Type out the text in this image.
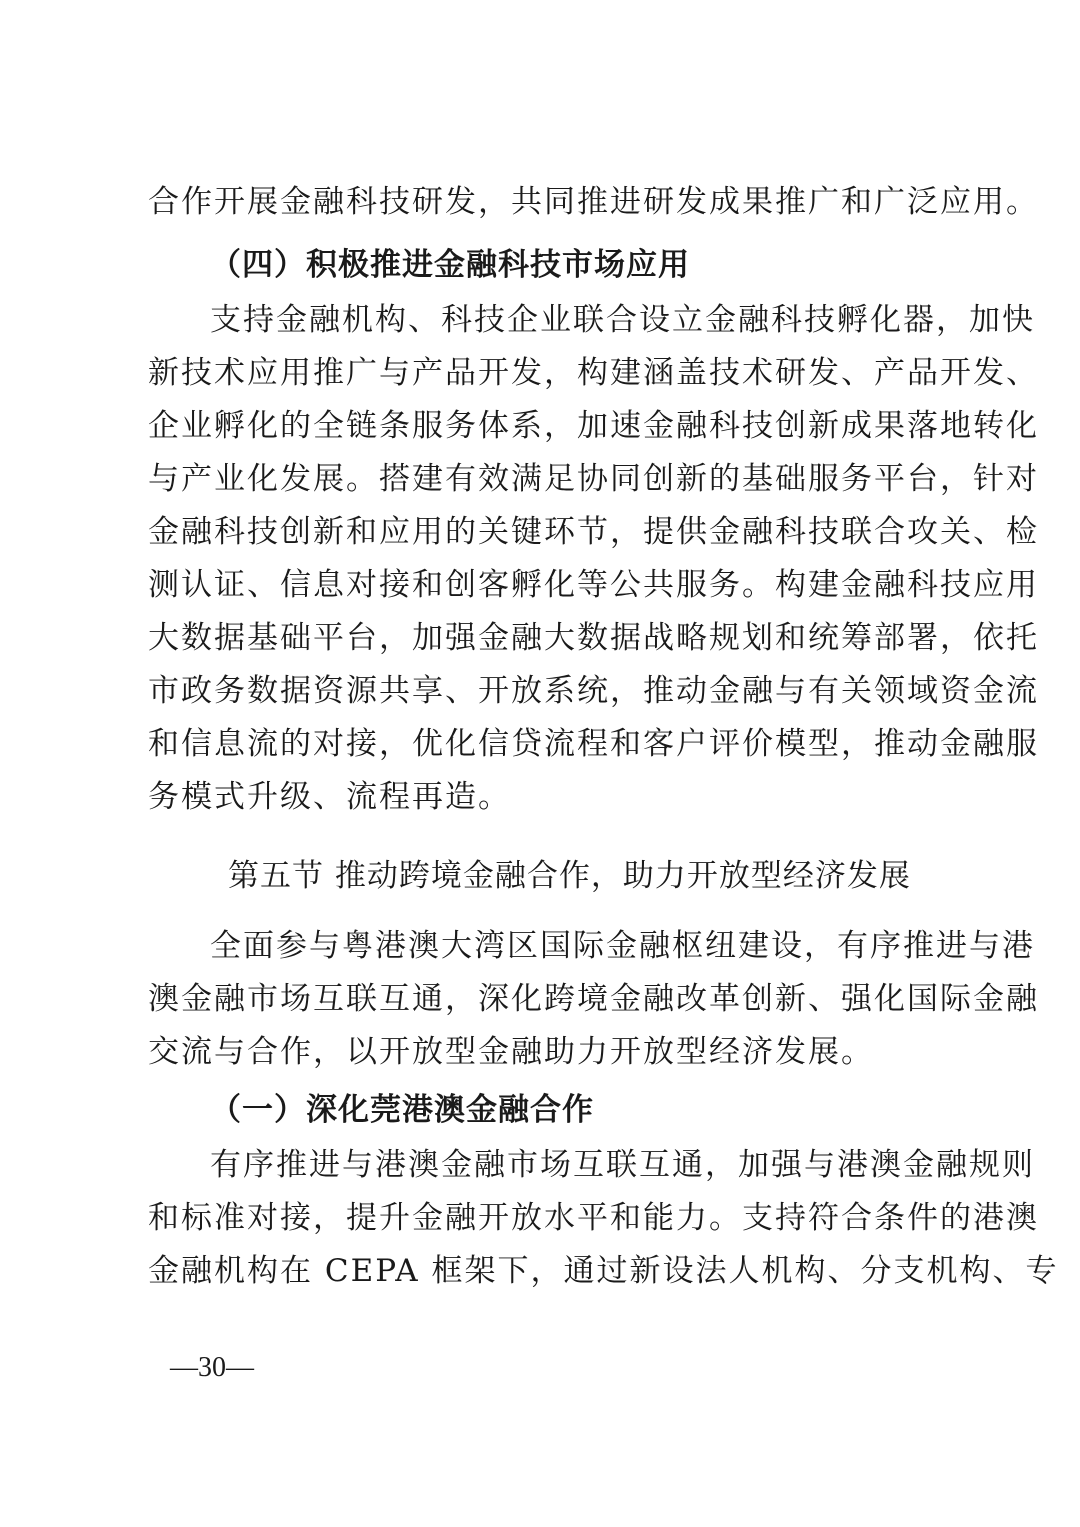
合作开展金融科技研发，共同推进研发成果推广和广泛应用。
（四）积极推进金融科技市场应用
支持金融机构、科技企业联合设立金融科技孵化器，加快
新技术应用推广与产品开发，构建涵盖技术研发、产品开发、
企业孵化的全链条服务体系，加速金融科技创新成果落地转化
与产业化发展。搭建有效满足协同创新的基础服务平台，针对
金融科技创新和应用的关键环节，提供金融科技联合攻关、检
测认证、信息对接和创客孵化等公共服务。构建金融科技应用
大数据基础平台，加强金融大数据战略规划和统筹部署，依托
市政务数据资源共享、开放系统，推动金融与有关领域资金流
和信息流的对接，优化信贷流程和客户评价模型，推动金融服
务模式升级、流程再造。
第五节 推动跨境金融合作，助力开放型经济发展
全面参与粤港澳大湾区国际金融枢纽建设，有序推进与港
澳金融市场互联互通，深化跨境金融改革创新、强化国际金融
交流与合作，以开放型金融助力开放型经济发展。
（一）深化莞港澳金融合作
有序推进与港澳金融市场互联互通，加强与港澳金融规则
和标准对接，提升金融开放水平和能力。支持符合条件的港澳
金融机构在 CEPA 框架下，通过新设法人机构、分支机构、专
—30—
